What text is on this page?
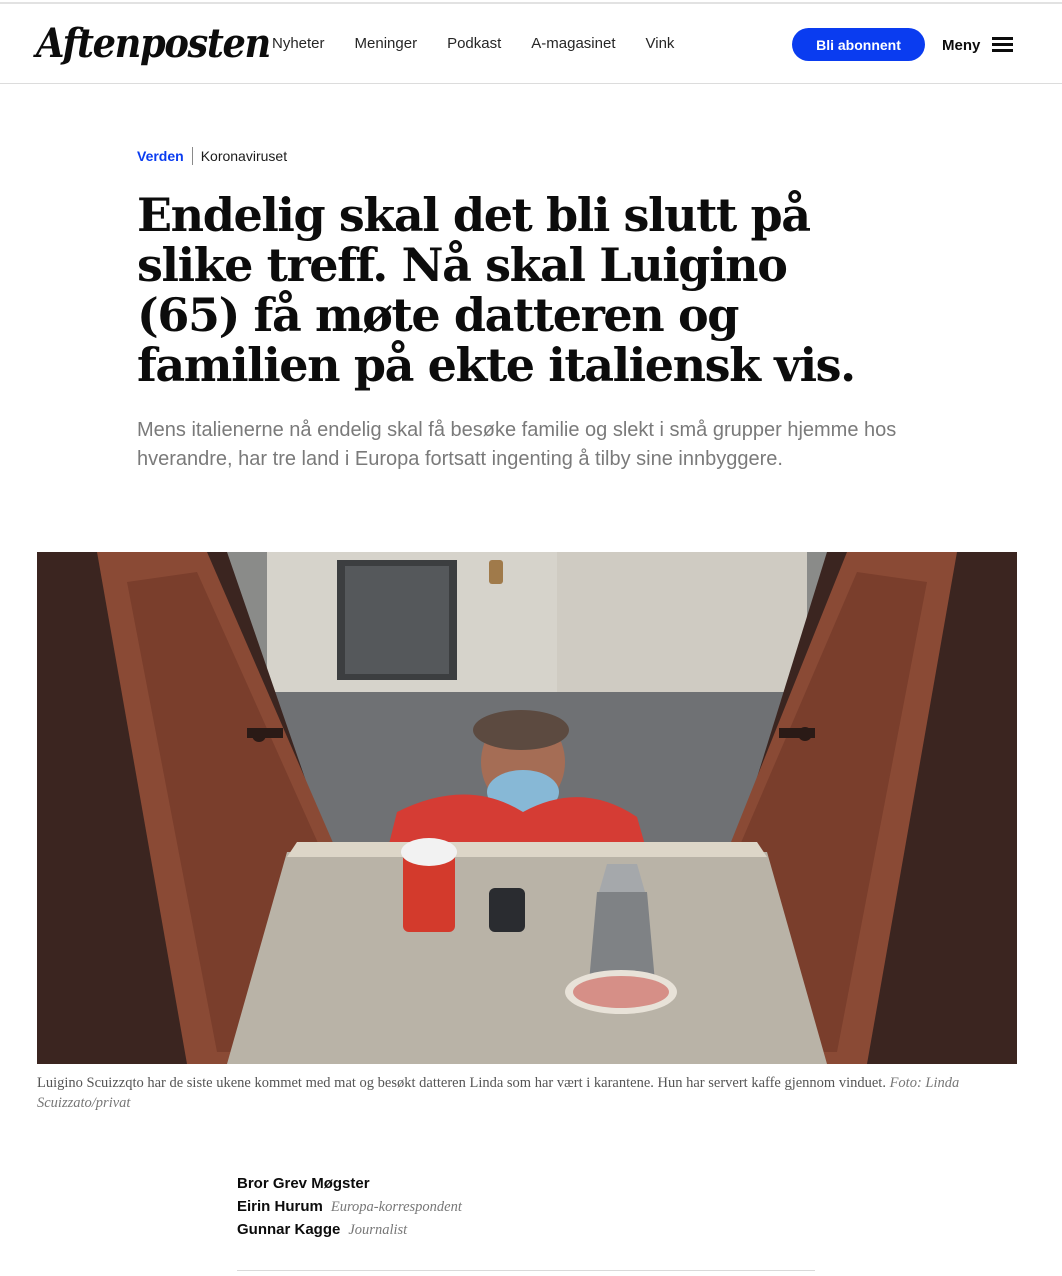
Aftenposten Nyheter Meninger Podkast A-magasinet Vink	Bli abonnent	Meny
Verden Koronaviruset
Endelig skal det bli slutt på slike treff. Nå skal Luigino (65) få møte datteren og familien på ekte italiensk vis.

Mens italienerne nå endelig skal få besøke familie og slekt i små grupper hjemme hos hverandre, har tre land i Europa fortsatt ingenting å tilby sine innbyggere.

Luigino Scuizzqto har de siste ukene kommet med mat og besøkt datteren Linda som har vært i karantene. Hun har servert kaffe gjennom vinduet. Foto: Linda Scuizzato/privat

Bror Grev Møgster
Eirin Hurum Europa-korrespondent
Gunnar Kagge Journalist
